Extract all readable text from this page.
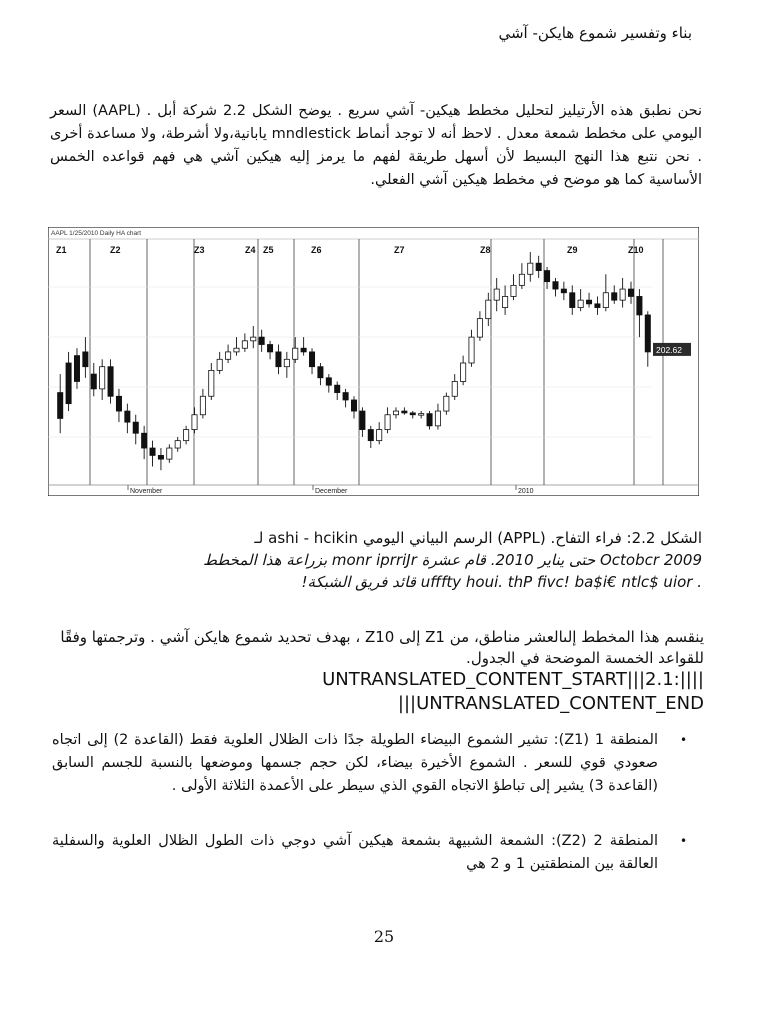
بناء وتفسير شموع هايكن- آشي
نحن نطبق هذه الأرتيليز لتحليل مخطط هيكين- آشي سريع . يوضح الشكل 2.2 شركة أبل . (AAPL) السعر اليومي على مخطط شمعة معدل . لاحظ أنه لا توجد أنماط mndlestick يابانية،ولا أشرطة، ولا مساعدة أخرى . نحن نتبع هذا النهج البسيط لأن أسهل طريقة لفهم ما يرمز إليه هيكين آشي هي فهم قواعده الخمس الأساسية كما هو موضح في مخطط هيكين آشي الفعلي.
Z1	Z2	Z3	Z4 Z5	Z6	Z7	Z8	Z9	Z10
AAPL 1/25/2010 Daily HA chart
202.62
November	December	2010
الشكل 2.2: فراء التفاح. (APPL) الرسم البياني اليومي ashi - hcikin لـ
Octobcr 2009 حتى يناير 2010. قام عشرة monr iprriJr بزراعة هذا المخطط
. ufffty houi. thP fivc! ba$i€ ntlc$ uior قائد فريق الشبكة!
ينقسم هذا المخطط إلىالعشر مناطق، من Z1 إلى Z10 ، بهدف تحديد شموع هايكن آشي . وترجمتها وفقًا للقواعد الخمسة الموضحة في الجدول.
UNTRANSLATED_CONTENT_START|||2.1:||||
|||UNTRANSLATED_CONTENT_END
•
المنطقة 1 (Z1): تشير الشموع البيضاء الطويلة جدًا ذات الظلال العلوية فقط (القاعدة 2) إلى اتجاه صعودي قوي للسعر . الشموع الأخيرة بيضاء، لكن حجم جسمها وموضعها بالنسبة للجسم السابق (القاعدة 3) يشير إلى تباطؤ الاتجاه القوي الذي سيطر على الأعمدة الثلاثة الأولى .
•
المنطقة 2 (Z2): الشمعة الشبيهة بشمعة هيكين آشي دوجي ذات الطول الظلال العلوية والسفلية العالقة بين المنطقتين 1 و 2 هي
25
